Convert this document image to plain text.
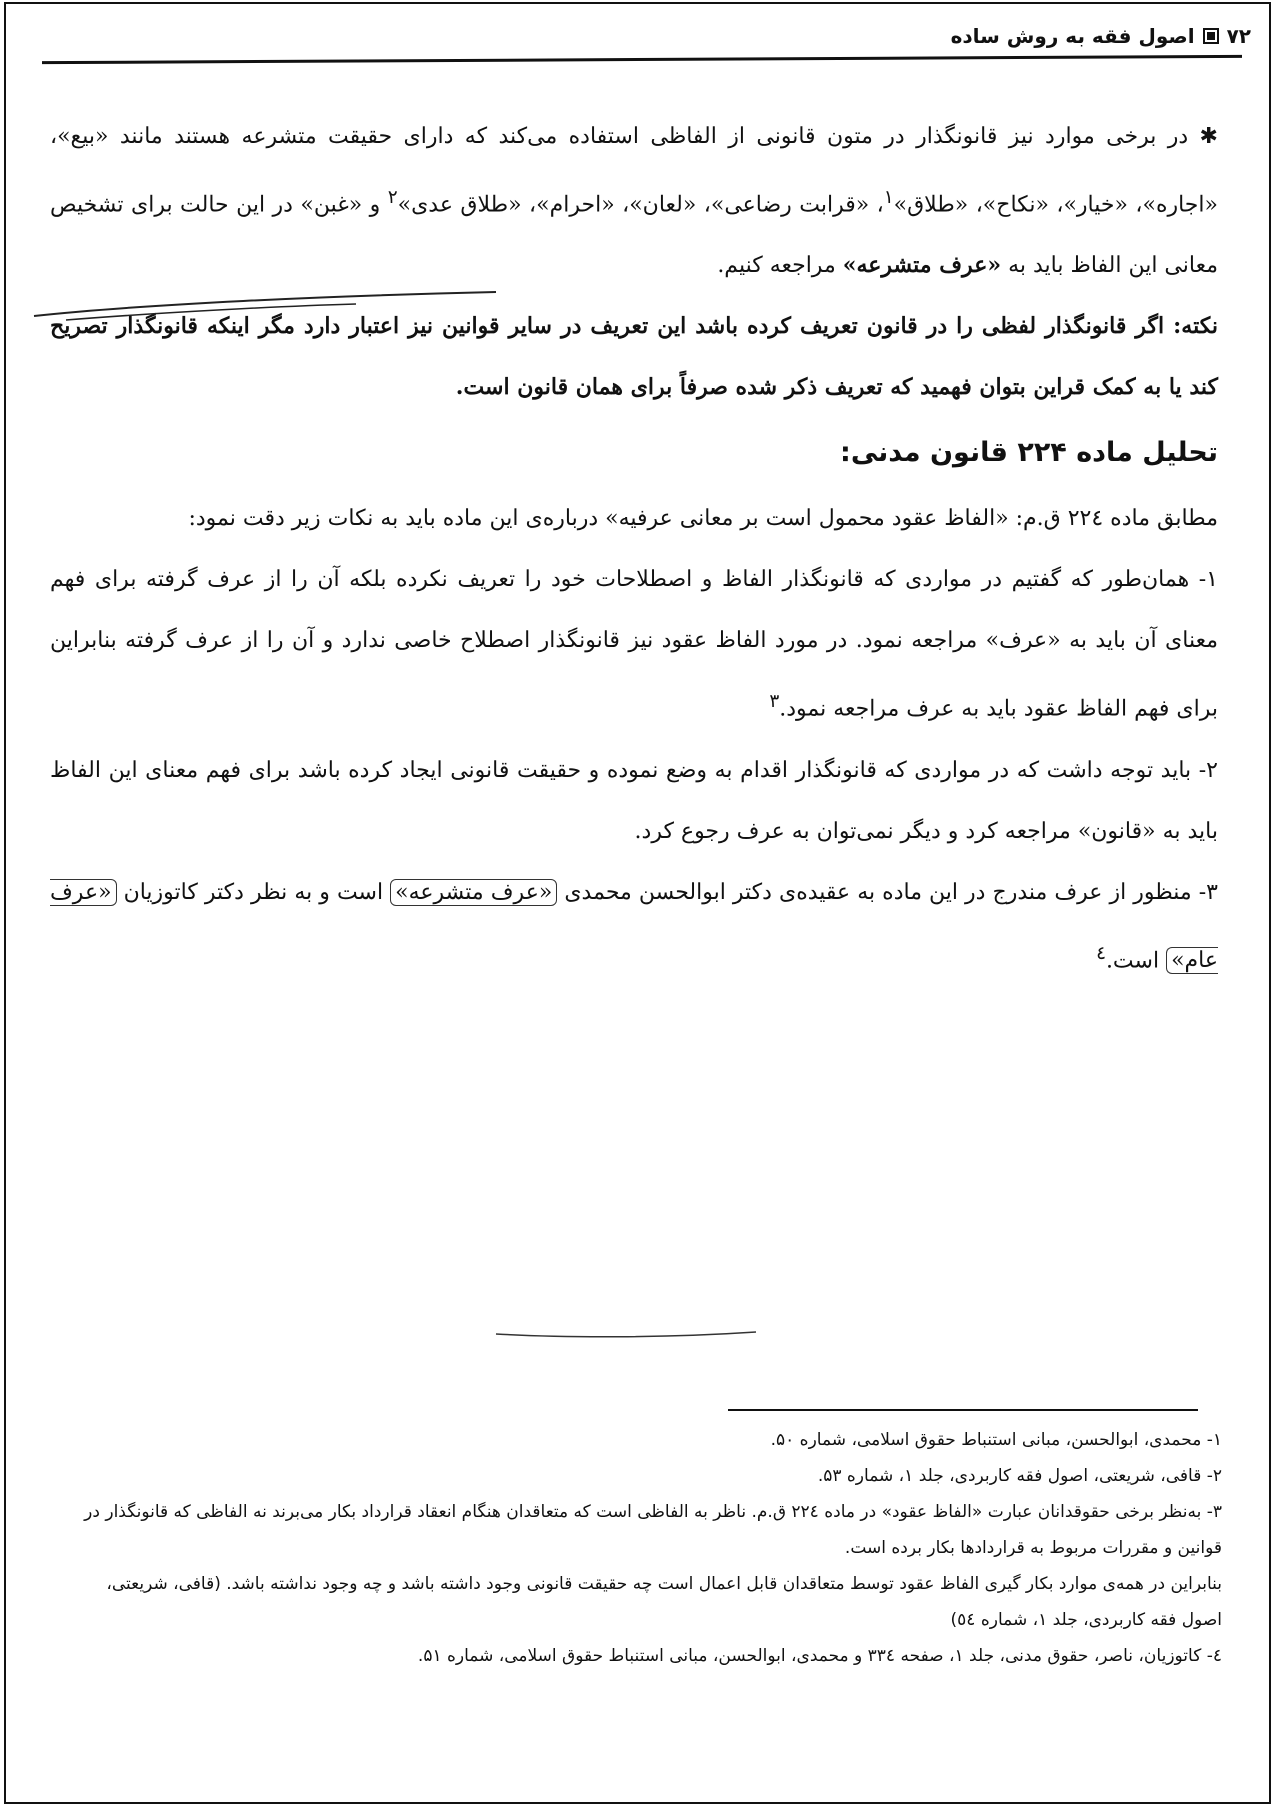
۷۲
اصول فقه به روش ساده

✱ در برخی موارد نیز قانونگذار در متون قانونی از الفاظی استفاده می‌کند که دارای حقیقت متشرعه هستند مانند «بیع»، «اجاره»، «خیار»، «نکاح»، «طلاق»$^۱$، «قرابت رضاعی»، «لعان»، «احرام»، «طلاق عدی»$^۲$ و «غبن» در این حالت برای تشخیص معانی این الفاظ باید به «عرف متشرعه» مراجعه کنیم.

نکته: اگر قانونگذار لفظی را در قانون تعریف کرده باشد این تعریف در سایر قوانین نیز اعتبار دارد مگر اینکه قانونگذار تصریح کند یا به کمک قراین بتوان فهمید که تعریف ذکر شده صرفاً برای همان قانون است.

تحلیل ماده ۲۲۴ قانون مدنی:

مطابق ماده ۲۲٤ ق.م: «الفاظ عقود محمول است بر معانی عرفیه» درباره‌ی این ماده باید به نکات زیر دقت نمود:

۱- همان‌طور که گفتیم در مواردی که قانونگذار الفاظ و اصطلاحات خود را تعریف نکرده بلکه آن را از عرف گرفته برای فهم معنای آن باید به «عرف» مراجعه نمود. در مورد الفاظ عقود نیز قانونگذار اصطلاح خاصی ندارد و آن را از عرف گرفته بنابراین برای فهم الفاظ عقود باید به عرف مراجعه نمود.$^۳$

۲- باید توجه داشت که در مواردی که قانونگذار اقدام به وضع نموده و حقیقت قانونی ایجاد کرده باشد برای فهم معنای این الفاظ باید به «قانون» مراجعه کرد و دیگر نمی‌توان به عرف رجوع کرد.

۳- منظور از عرف مندرج در این ماده به عقیده‌ی دکتر ابوالحسن محمدی «عرف متشرعه» است و به نظر دکتر کاتوزیان «عرف عام» است.$^٤$

۱- محمدی، ابوالحسن، مبانی استنباط حقوق اسلامی، شماره ۵۰.

۲- قافی، شریعتی، اصول فقه کاربردی، جلد ۱، شماره ۵۳.

۳- به‌نظر برخی حقوقدانان عبارت «الفاظ عقود» در ماده ۲۲٤ ق.م. ناظر به الفاظی است که متعاقدان هنگام انعقاد قرارداد بکار می‌برند نه الفاظی که قانونگذار در قوانین و مقررات مربوط به قراردادها بکار برده است.

بنابراین در همه‌ی موارد بکار گیری الفاظ عقود توسط متعاقدان قابل اعمال است چه حقیقت قانونی وجود داشته باشد و چه وجود نداشته باشد. (قافی، شریعتی، اصول فقه کاربردی، جلد ۱، شماره ٥٤)

٤- کاتوزیان، ناصر، حقوق مدنی، جلد ۱، صفحه ۳۳٤ و محمدی، ابوالحسن، مبانی استنباط حقوق اسلامی، شماره ۵۱.
